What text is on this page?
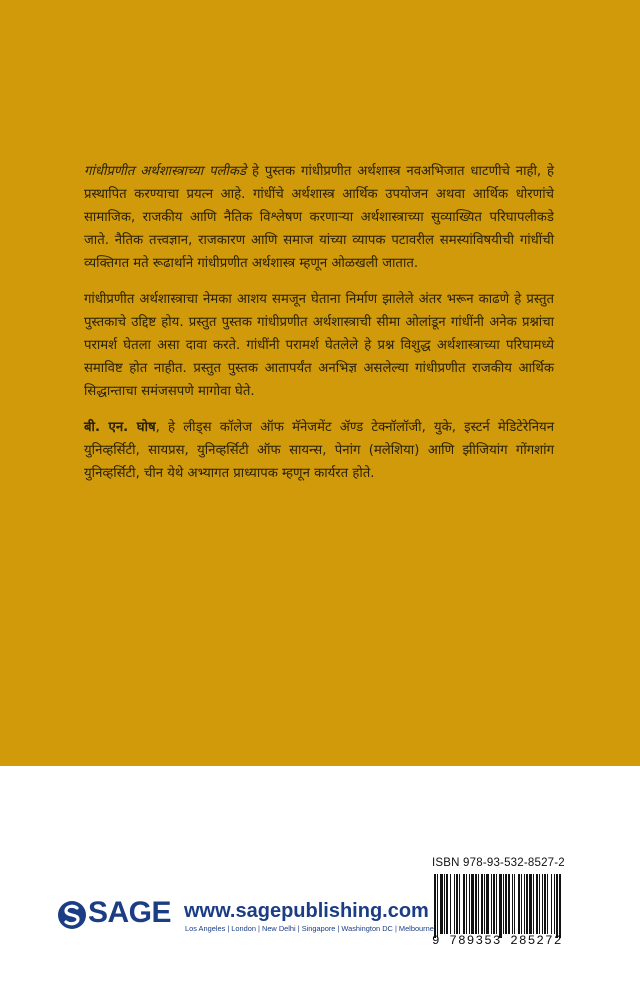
गांधीप्रणीत अर्थशास्त्राच्या पलीकडे हे पुस्तक गांधीप्रणीत अर्थशास्त्र नवअभिजात धाटणीचे नाही, हे प्रस्थापित करण्याचा प्रयत्न आहे. गांधींचे अर्थशास्त्र आर्थिक उपयोजन अथवा आर्थिक धोरणांचे सामाजिक, राजकीय आणि नैतिक विश्लेषण करणाऱ्या अर्थशास्त्राच्या सुव्याख्यित परिघापलीकडे जाते. नैतिक तत्त्वज्ञान, राजकारण आणि समाज यांच्या व्यापक पटावरील समस्यांविषयीची गांधींची व्यक्तिगत मते रूढार्थाने गांधीप्रणीत अर्थशास्त्र म्हणून ओळखली जातात.

गांधीप्रणीत अर्थशास्त्राचा नेमका आशय समजून घेताना निर्माण झालेले अंतर भरून काढणे हे प्रस्तुत पुस्तकाचे उद्दिष्ट होय. प्रस्तुत पुस्तक गांधीप्रणीत अर्थशास्त्राची सीमा ओलांडून गांधींनी अनेक प्रश्नांचा परामर्श घेतला असा दावा करते. गांधींनी परामर्श घेतलेले हे प्रश्न विशुद्ध अर्थशास्त्राच्या परिघामध्ये समाविष्ट होत नाहीत. प्रस्तुत पुस्तक आतापर्यंत अनभिज्ञ असलेल्या गांधीप्रणीत राजकीय आर्थिक सिद्धान्ताचा समंजसपणे मागोवा घेते.

बी. एन. घोष, हे लीड्स कॉलेज ऑफ मॅनेजमेंट ॲण्ड टेक्नॉलॉजी, युके, इस्टर्न मेडिटेरेनियन युनिव्हर्सिटी, सायप्रस, युनिव्हर्सिटी ऑफ सायन्स, पेनांग (मलेशिया) आणि झीजियांग गोंगशांग युनिव्हर्सिटी, चीन येथे अभ्यागत प्राध्यापक म्हणून कार्यरत होते.

ISBN 978-93-532-8527-2
9 789353 285272
SAGE www.sagepublishing.com
Los Angeles | London | New Delhi | Singapore | Washington DC | Melbourne
